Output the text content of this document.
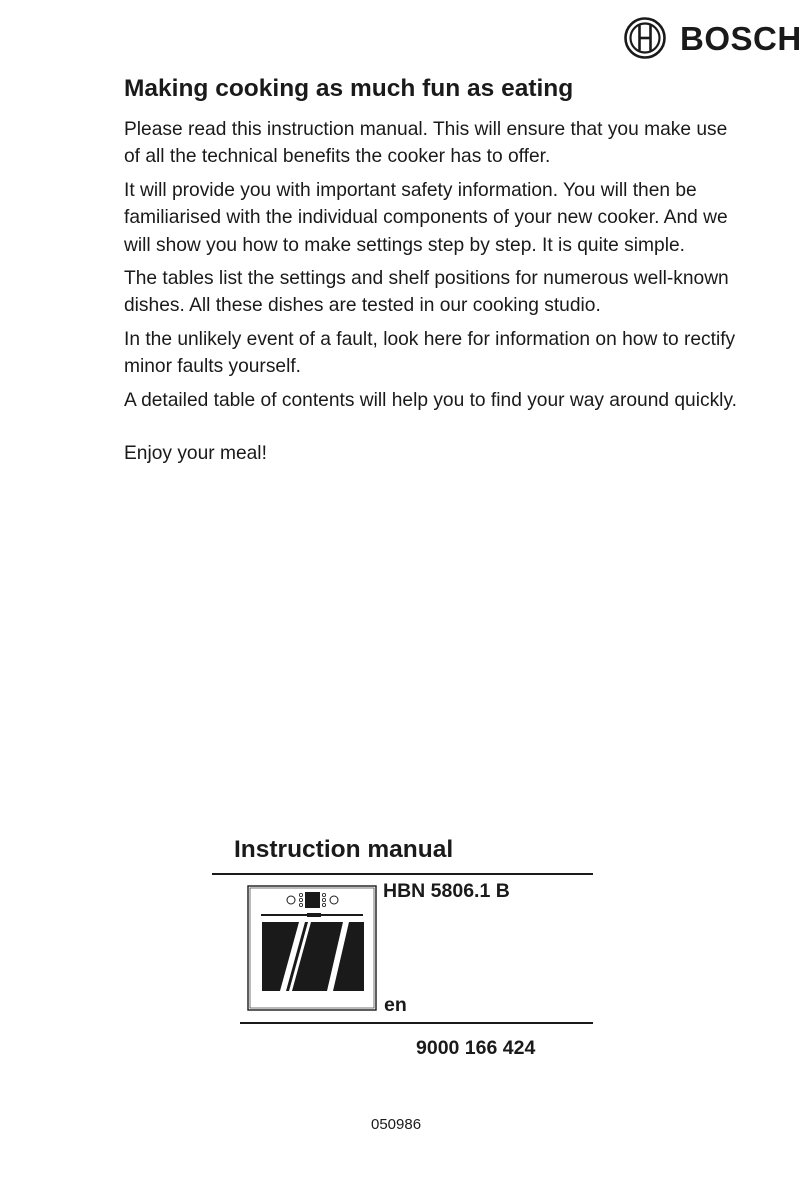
BOSCH
Making cooking as much fun as eating

Please read this instruction manual. This will ensure that you make use of all the technical benefits the cooker has to offer.

It will provide you with important safety information. You will then be familiarised with the individual components of your new cooker. And we will show you how to make settings step by step. It is quite simple.

The tables list the settings and shelf positions for numerous well-known dishes. All these dishes are tested in our cooking studio.

In the unlikely event of a fault, look here for information on how to rectify minor faults yourself.

A detailed table of contents will help you to find your way around quickly.

Enjoy your meal!

Instruction manual
HBN 5806.1 B
en
9000 166 424
050986
